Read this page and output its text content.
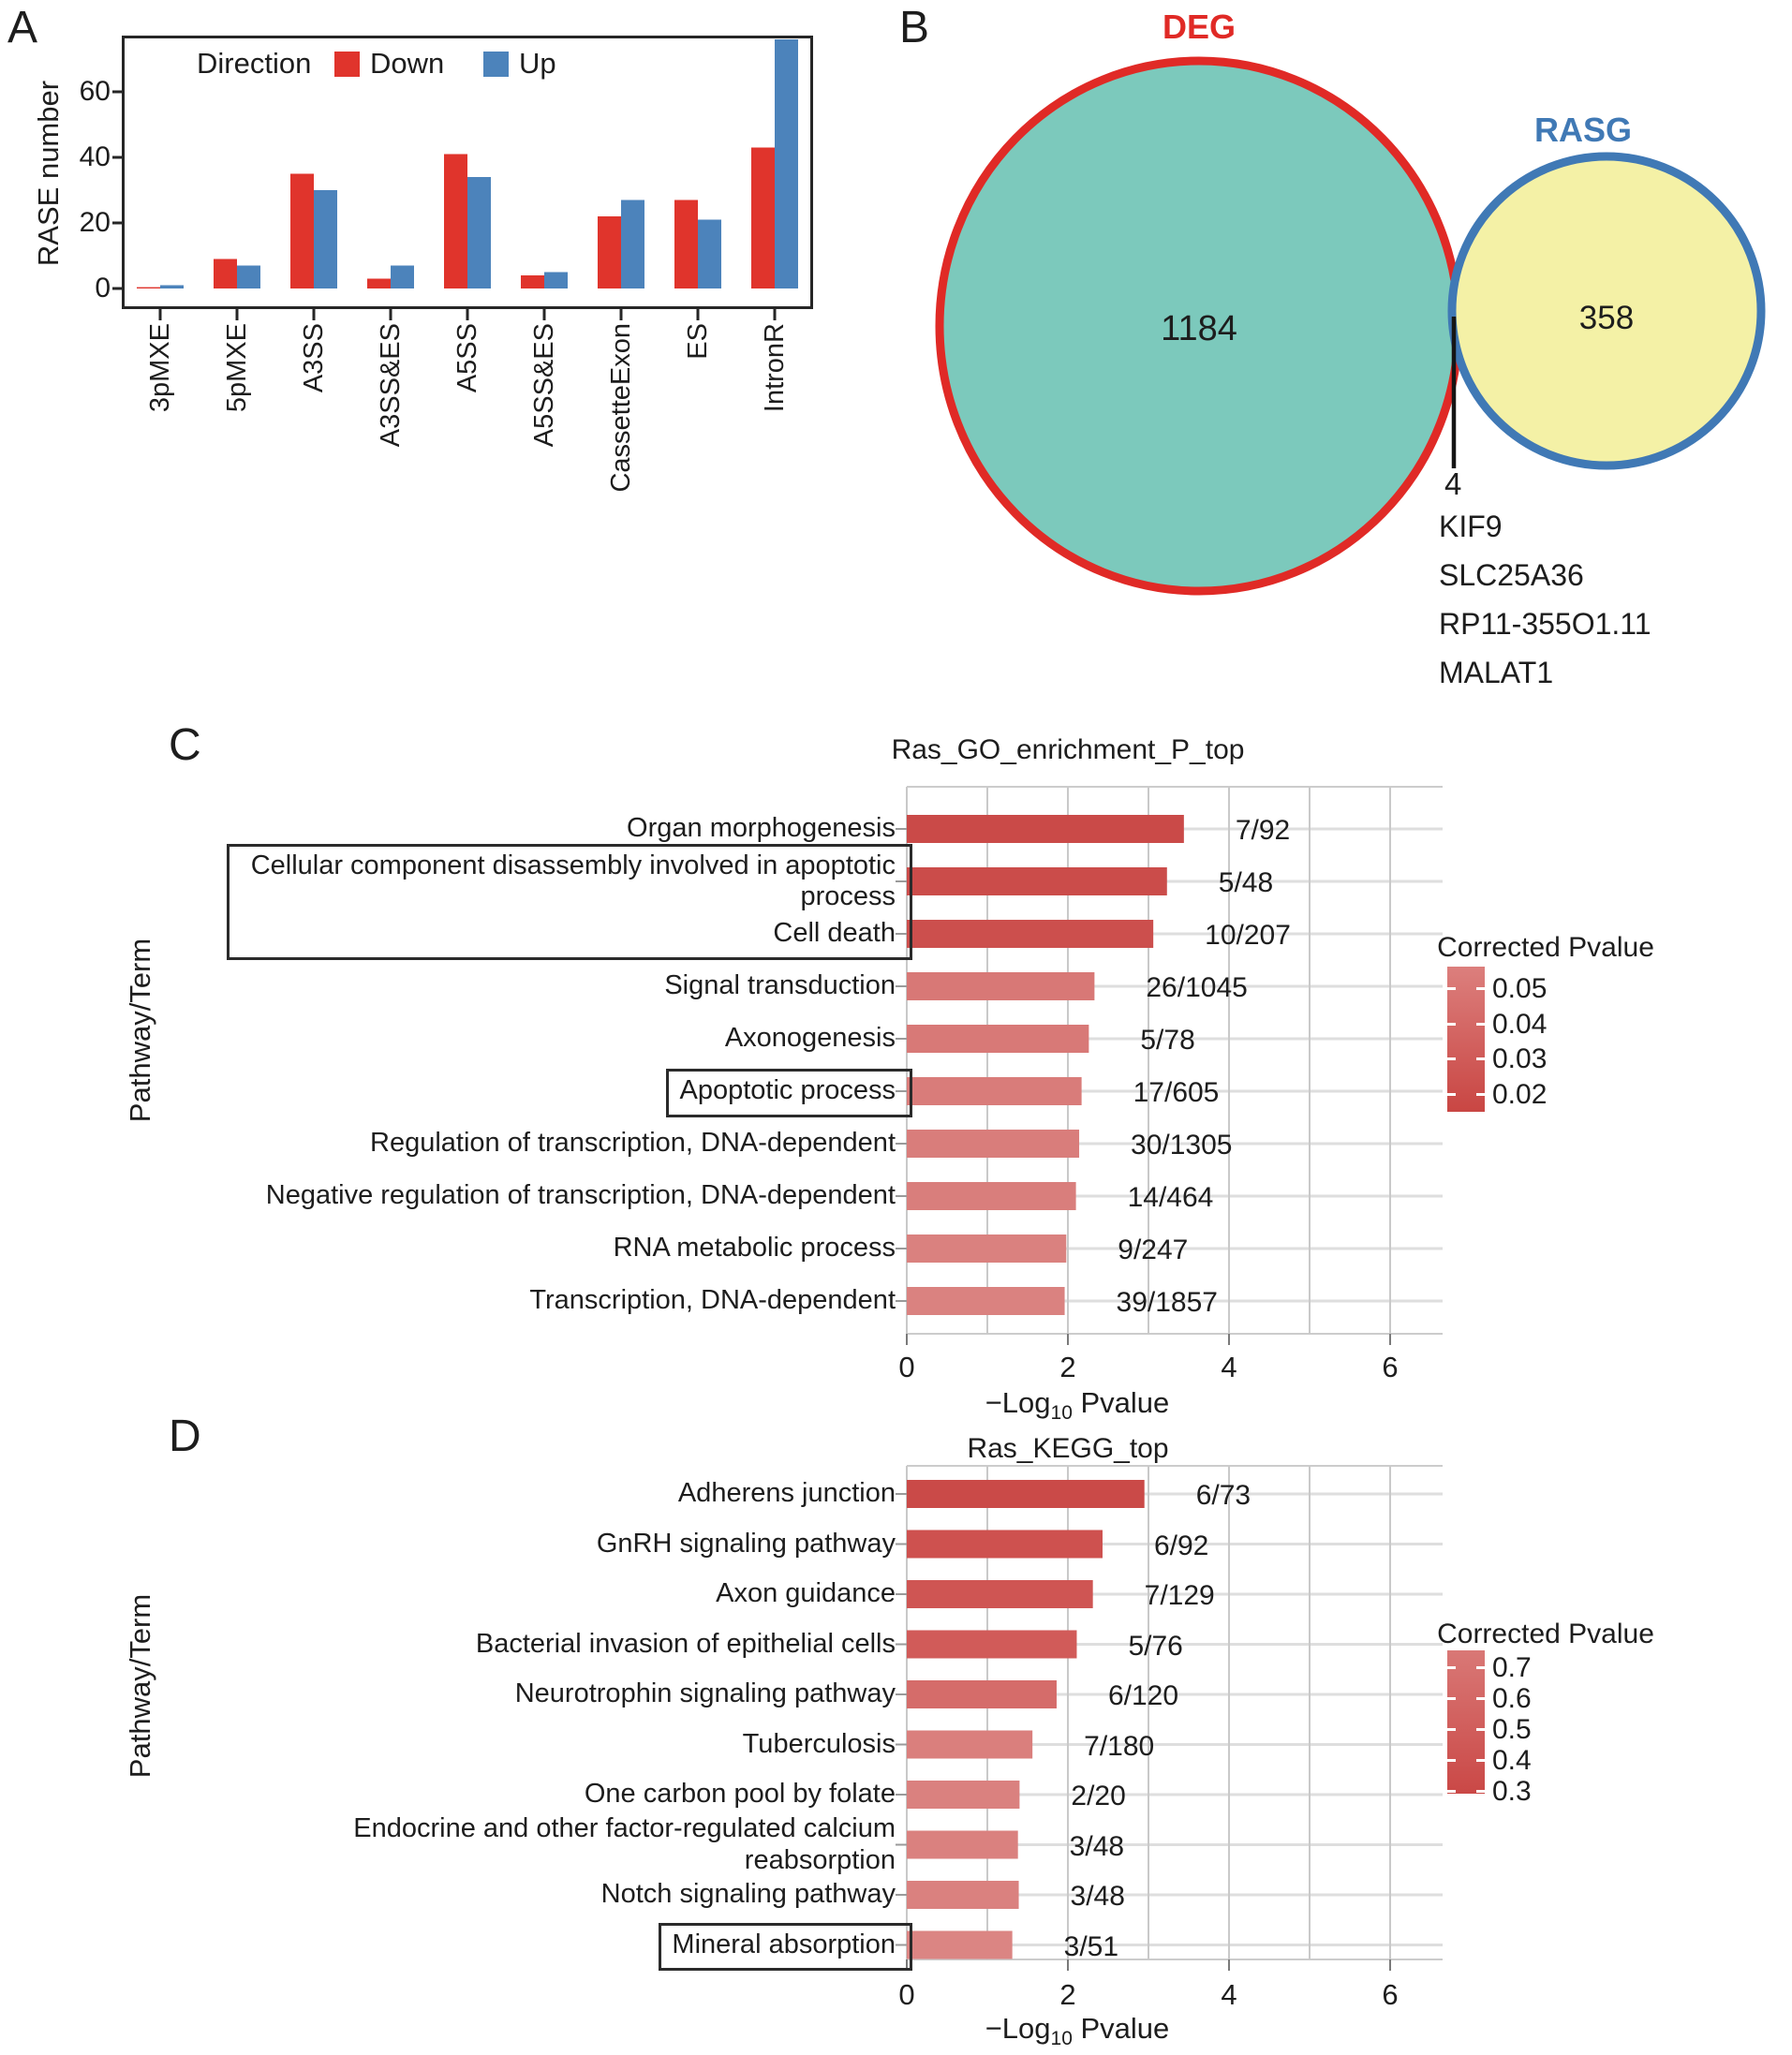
A
RASE number
0
20
40
60
3pMXE 5pMXE A3SS A3SS&ES A5SS A5SS&ES CassetteExon ES IntronR
Direction Down	Up
B	DEG
RASG
1184	358
4
KIF9
SLC25A36
RP11-355O1.11
MALAT1
C	Ras_GO_enrichment_P_top
Pathway/Term
0	2	4	6
−Log$_{10}$ Pvalue
Organ morphogenesis	7/92
Cellular component disassembly involved in apoptotic process	5/48
Cell death	10/207
Signal transduction	26/1045
Axonogenesis	5/78
Apoptotic process	17/605
Regulation of transcription, DNA-dependent	30/1305
Negative regulation of transcription, DNA-dependent	14/464
RNA metabolic process	9/247
Transcription, DNA-dependent	39/1857
Corrected Pvalue
0.05
0.04
0.03
0.02
D	Ras_KEGG_top
Pathway/Term
0	2	4	6
−Log$_{10}$ Pvalue
Adherens junction	6/73
GnRH signaling pathway	6/92
Axon guidance	7/129
Bacterial invasion of epithelial cells	5/76
Neurotrophin signaling pathway	6/120
Tuberculosis	7/180
One carbon pool by folate	2/20
Endocrine and other factor-regulated calcium reabsorption	3/48
Notch signaling pathway	3/48
Mineral absorption	3/51
Corrected Pvalue
0.7
0.6
0.5
0.4
0.3
